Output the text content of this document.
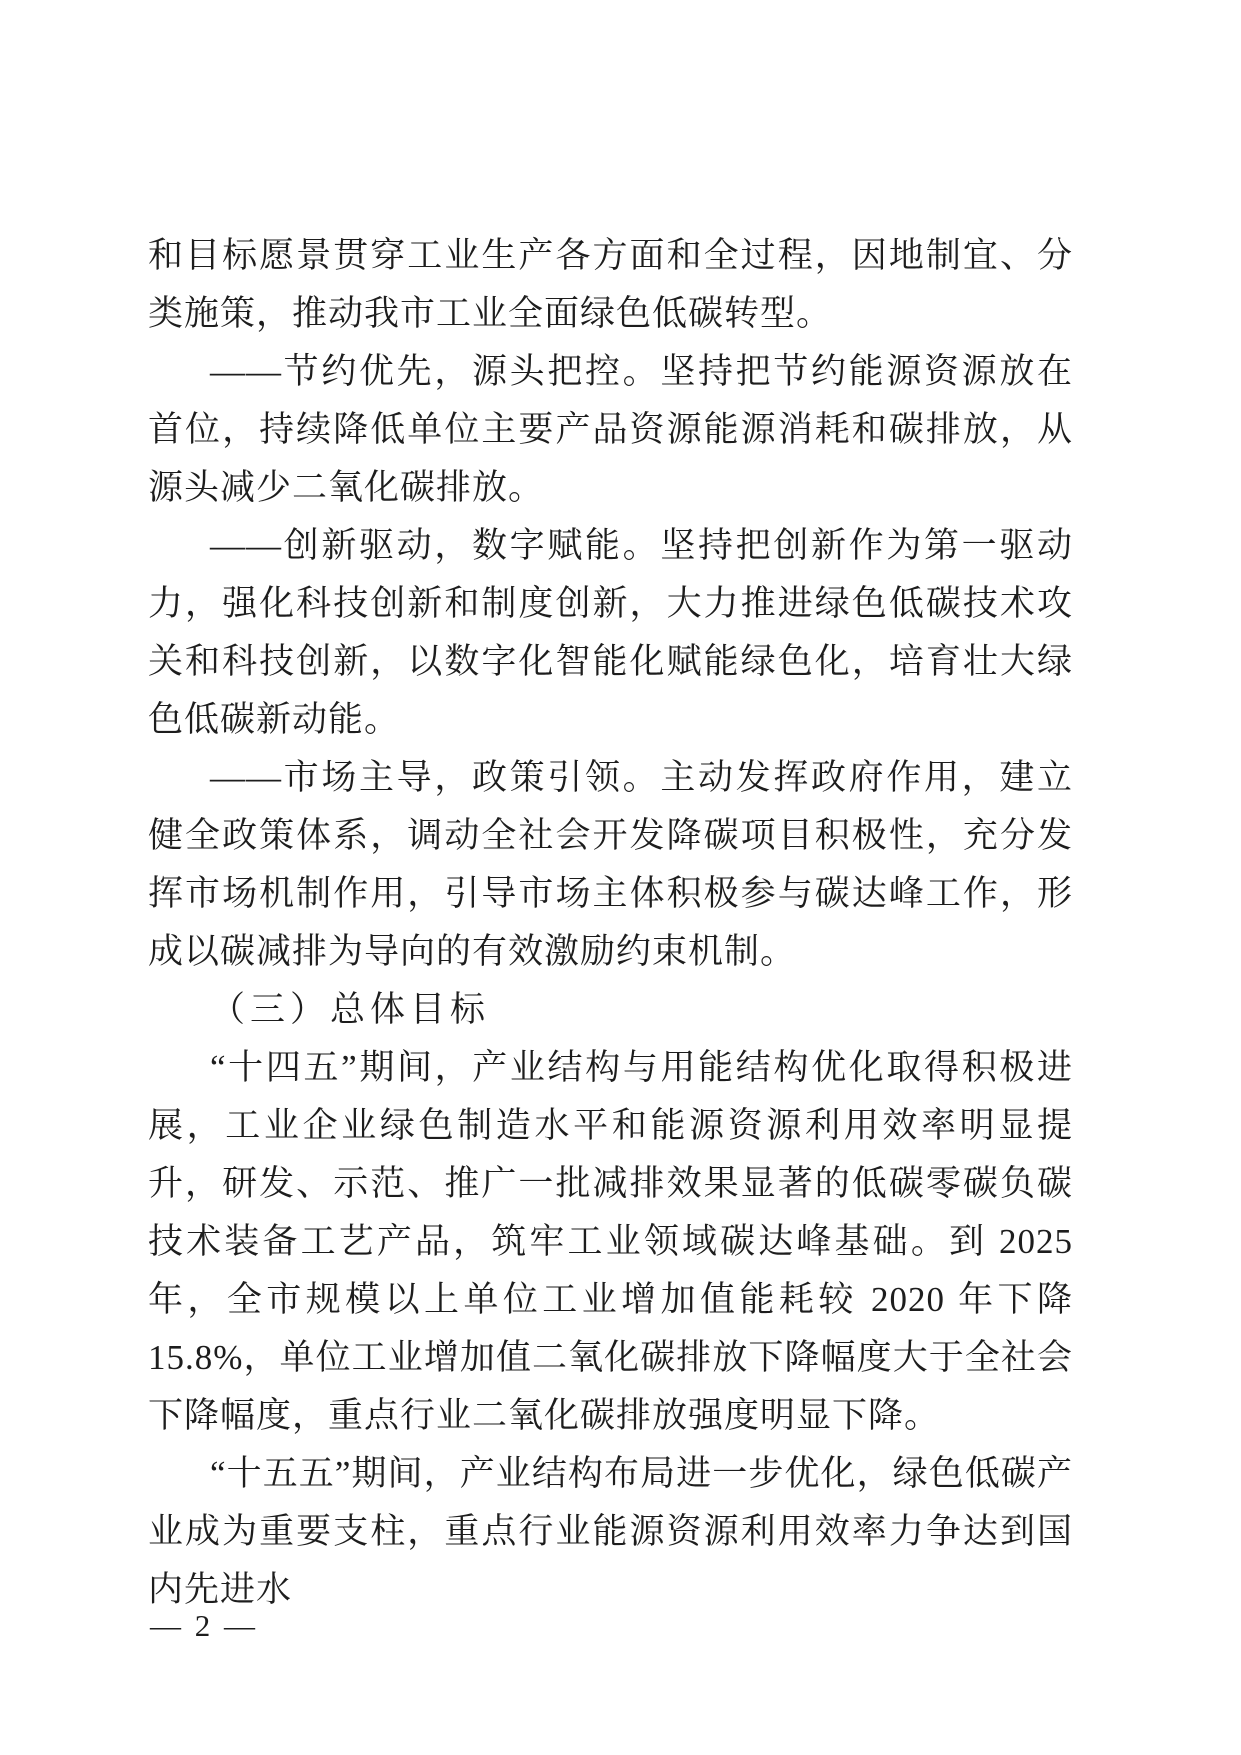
和目标愿景贯穿工业生产各方面和全过程，因地制宜、分类施策，推动我市工业全面绿色低碳转型。

——节约优先，源头把控。坚持把节约能源资源放在首位，持续降低单位主要产品资源能源消耗和碳排放，从源头减少二氧化碳排放。

——创新驱动，数字赋能。坚持把创新作为第一驱动力，强化科技创新和制度创新，大力推进绿色低碳技术攻关和科技创新，以数字化智能化赋能绿色化，培育壮大绿色低碳新动能。

——市场主导，政策引领。主动发挥政府作用，建立健全政策体系，调动全社会开发降碳项目积极性，充分发挥市场机制作用，引导市场主体积极参与碳达峰工作，形成以碳减排为导向的有效激励约束机制。

（三）总体目标

“十四五”期间，产业结构与用能结构优化取得积极进展，工业企业绿色制造水平和能源资源利用效率明显提升，研发、示范、推广一批减排效果显著的低碳零碳负碳技术装备工艺产品，筑牢工业领域碳达峰基础。到 2025 年，全市规模以上单位工业增加值能耗较 2020 年下降 15.8%，单位工业增加值二氧化碳排放下降幅度大于全社会下降幅度，重点行业二氧化碳排放强度明显下降。

“十五五”期间，产业结构布局进一步优化，绿色低碳产业成为重要支柱，重点行业能源资源利用效率力争达到国内先进水

— 2 —
